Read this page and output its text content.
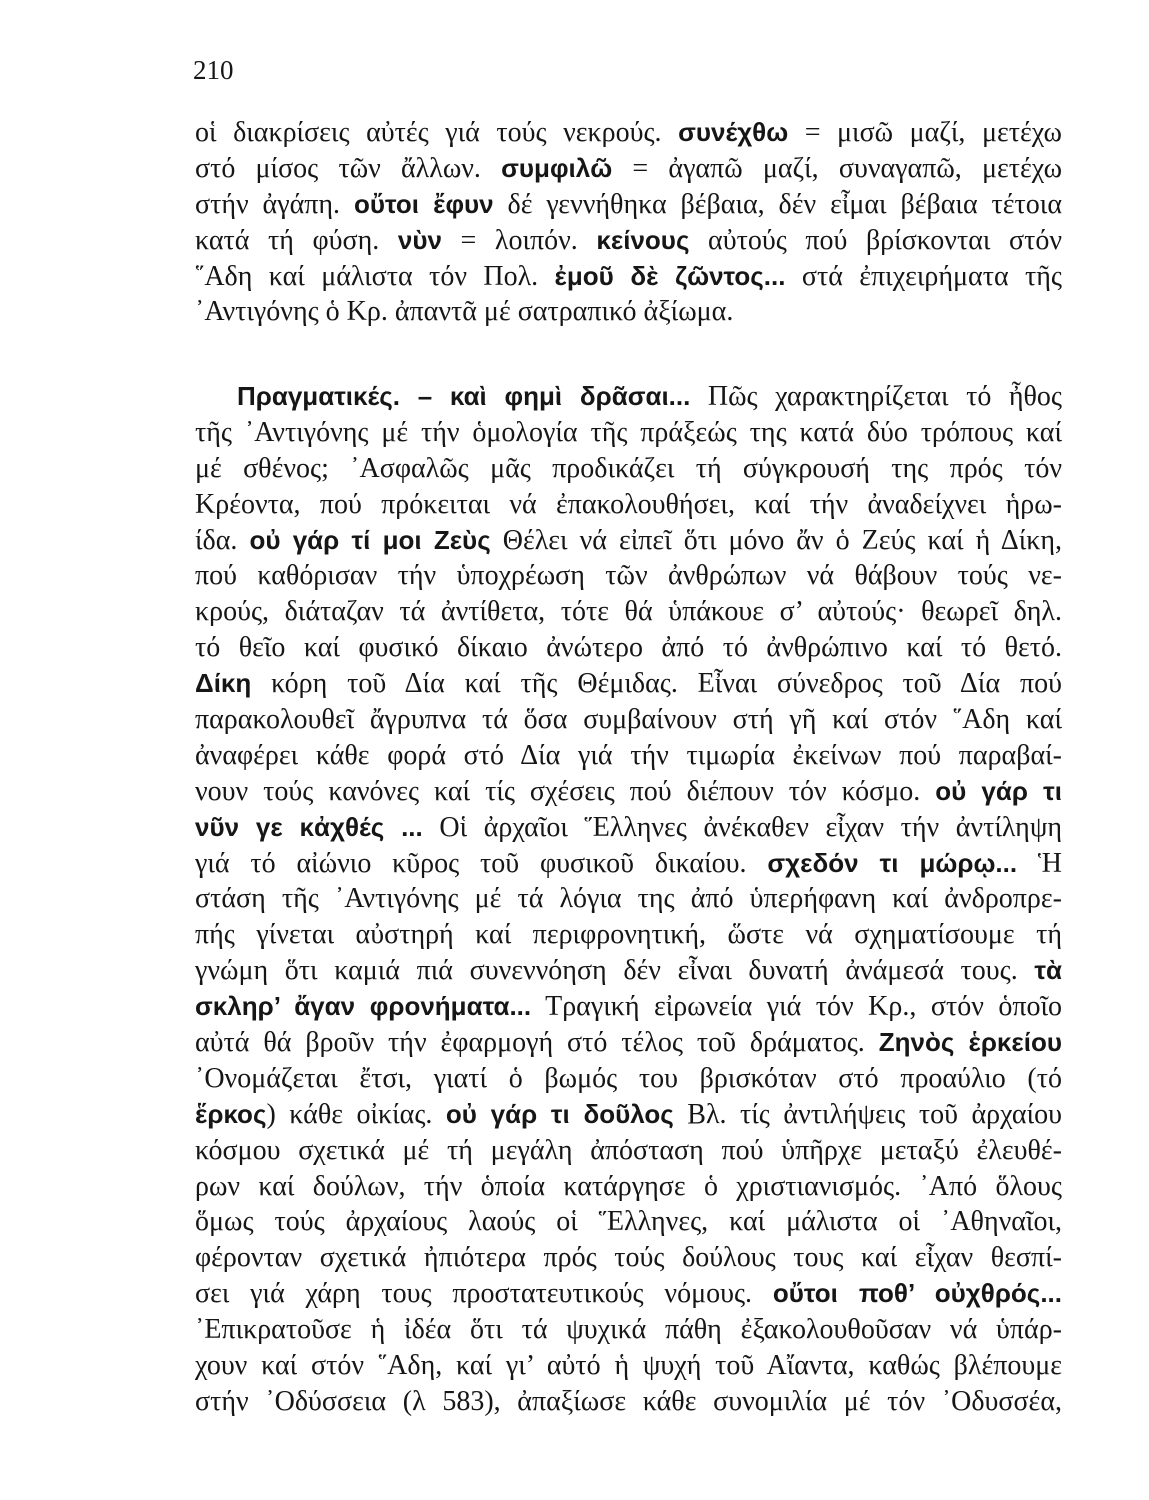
210
οἱ διακρίσεις αὐτές γιά τούς νεκρούς. συνέχθω = μισῶ μαζί, μετέχω
στό μίσος τῶν ἄλλων. συμφιλῶ = ἀγαπῶ μαζί, συναγαπῶ, μετέχω
στήν ἀγάπη. οὔτοι ἔφυν δέ γεννήθηκα βέβαια, δέν εἶμαι βέβαια τέτοια
κατά τή φύση. νὺν = λοιπόν. κείνους αὐτούς πού βρίσκονται στόν
῞Αδη καί μάλιστα τόν Πολ. ἐμοῦ δὲ ζῶντος... στά ἐπιχειρήματα τῆς
᾿Αντιγόνης ὁ Κρ. ἀπαντᾶ μέ σατραπικό ἀξίωμα.
Πραγματικές. – καὶ φημὶ δρᾶσαι... Πῶς χαρακτηρίζεται τό ἦθος
τῆς ᾿Αντιγόνης μέ τήν ὁμολογία τῆς πράξεώς της κατά δύο τρόπους καί
μέ σθένος; ᾿Ασφαλῶς μᾶς προδικάζει τή σύγκρουσή της πρός τόν
Κρέοντα, πού πρόκειται νά ἐπακολουθήσει, καί τήν ἀναδείχνει ἡρω-
ίδα. οὐ γάρ τί μοι Ζεὺς Θέλει νά εἰπεῖ ὅτι μόνο ἄν ὁ Ζεύς καί ἡ Δίκη,
πού καθόρισαν τήν ὑποχρέωση τῶν ἀνθρώπων νά θάβουν τούς νε-
κρούς, διάταζαν τά ἀντίθετα, τότε θά ὑπάκουε σ’ αὐτούς· θεωρεῖ δηλ.
τό θεῖο καί φυσικό δίκαιο ἀνώτερο ἀπό τό ἀνθρώπινο καί τό θετό.
Δίκη κόρη τοῦ Δία καί τῆς Θέμιδας. Εἶναι σύνεδρος τοῦ Δία πού
παρακολουθεῖ ἄγρυπνα τά ὅσα συμβαίνουν στή γῆ καί στόν ῞Αδη καί
ἀναφέρει κάθε φορά στό Δία γιά τήν τιμωρία ἐκείνων πού παραβαί-
νουν τούς κανόνες καί τίς σχέσεις πού διέπουν τόν κόσμο. οὐ γάρ τι
νῦν γε κἀχθές ... Οἱ ἀρχαῖοι Ἕλληνες ἀνέκαθεν εἶχαν τήν ἀντίληψη
γιά τό αἰώνιο κῦρος τοῦ φυσικοῦ δικαίου. σχεδόν τι μώρῳ... Ἡ
στάση τῆς ᾿Αντιγόνης μέ τά λόγια της ἀπό ὑπερήφανη καί ἀνδροπρε-
πής γίνεται αὐστηρή καί περιφρονητική, ὥστε νά σχηματίσουμε τή
γνώμη ὅτι καμιά πιά συνεννόηση δέν εἶναι δυνατή ἀνάμεσά τους. τὰ
σκληρ’ ἄγαν φρονήματα... Τραγική εἰρωνεία γιά τόν Κρ., στόν ὁποῖο
αὐτά θά βροῦν τήν ἐφαρμογή στό τέλος τοῦ δράματος. Ζηνὸς ἑρκείου
᾿Ονομάζεται ἔτσι, γιατί ὁ βωμός του βρισκόταν στό προαύλιο (τό
ἕρκος) κάθε οἰκίας. οὐ γάρ τι δοῦλος Βλ. τίς ἀντιλήψεις τοῦ ἀρχαίου
κόσμου σχετικά μέ τή μεγάλη ἀπόσταση πού ὑπῆρχε μεταξύ ἐλευθέ-
ρων καί δούλων, τήν ὁποία κατάργησε ὁ χριστιανισμός. ᾿Από ὅλους
ὅμως τούς ἀρχαίους λαούς οἱ Ἕλληνες, καί μάλιστα οἱ ᾿Αθηναῖοι,
φέρονταν σχετικά ἠπιότερα πρός τούς δούλους τους καί εἶχαν θεσπί-
σει γιά χάρη τους προστατευτικούς νόμους. οὔτοι ποθ’ οὐχθρός...
᾿Επικρατοῦσε ἡ ἰδέα ὅτι τά ψυχικά πάθη ἐξακολουθοῦσαν νά ὑπάρ-
χουν καί στόν ῞Αδη, καί γι’ αὐτό ἡ ψυχή τοῦ Αἴαντα, καθώς βλέπουμε
στήν ᾿Οδύσσεια (λ 583), ἀπαξίωσε κάθε συνομιλία μέ τόν ᾿Οδυσσέα,
